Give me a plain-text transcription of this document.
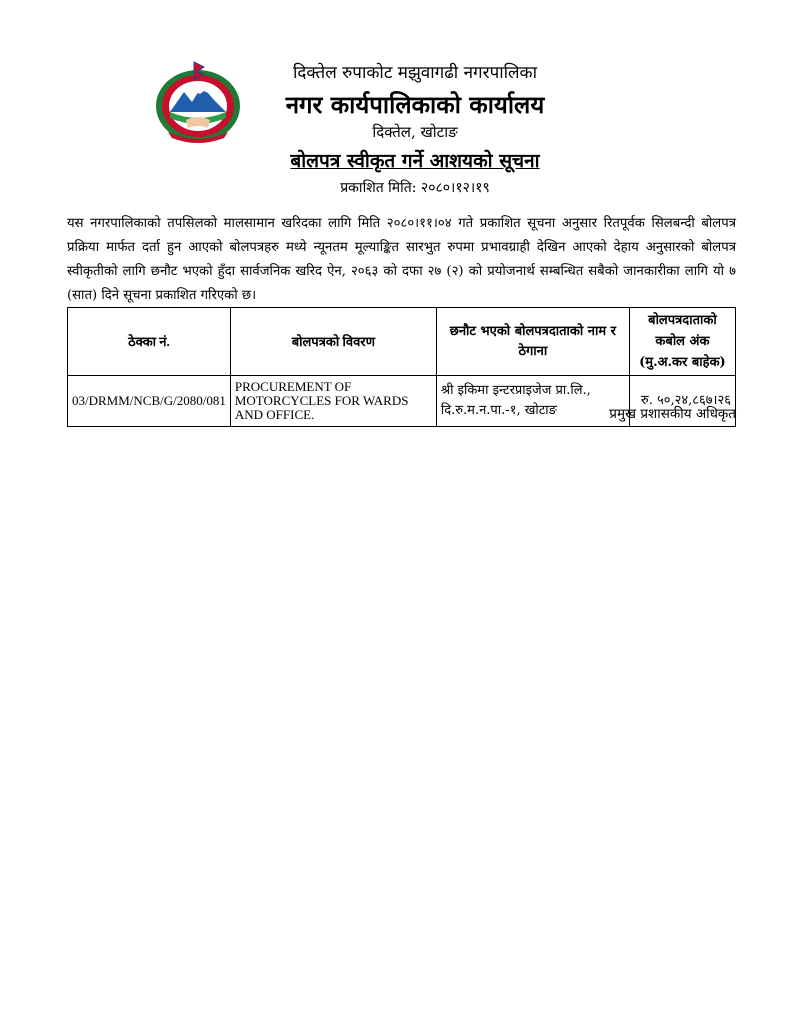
दिक्तेल रुपाकोट मझुवागढी नगरपालिका
नगर कार्यपालिकाको कार्यालय
दिक्तेल, खोटाङ
बोलपत्र स्वीकृत गर्ने आशयको सूचना
प्रकाशित मिति: २०८०।१२।१९

यस नगरपालिकाको तपसिलको मालसामान खरिदका लागि मिति २०८०।११।०४ गते प्रकाशित सूचना अनुसार रितपूर्वक सिलबन्दी बोलपत्र प्रक्रिया मार्फत दर्ता हुन आएको बोलपत्रहरु मध्ये न्यूनतम मूल्याङ्कित सारभुत रुपमा प्रभावग्राही देखिन आएको देहाय अनुसारको बोलपत्र स्वीकृतीको लागि छनौट भएको हुँदा सार्वजनिक खरिद ऐन, २०६३ को दफा २७ (२) को प्रयोजनार्थ सम्बन्धित सबैको जानकारीका लागि यो ७ (सात) दिने सूचना प्रकाशित गरिएको छ।

ठेक्का नं.	बोलपत्रको विवरण	छनौट भएको बोलपत्रदाताको नाम र ठेगाना	बोलपत्रदाताको कबोल अंक (मु.अ.कर बाहेक)
03/DRMM/NCB/G/2080/081	PROCUREMENT OF MOTORCYCLES FOR WARDS AND OFFICE.	श्री इकिमा इन्टरप्राइजेज प्रा.लि., दि.रु.म.न.पा.-१, खोटाङ	रु. ५०,२४,८६७।२६
प्रमुख प्रशासकीय अधिकृत
